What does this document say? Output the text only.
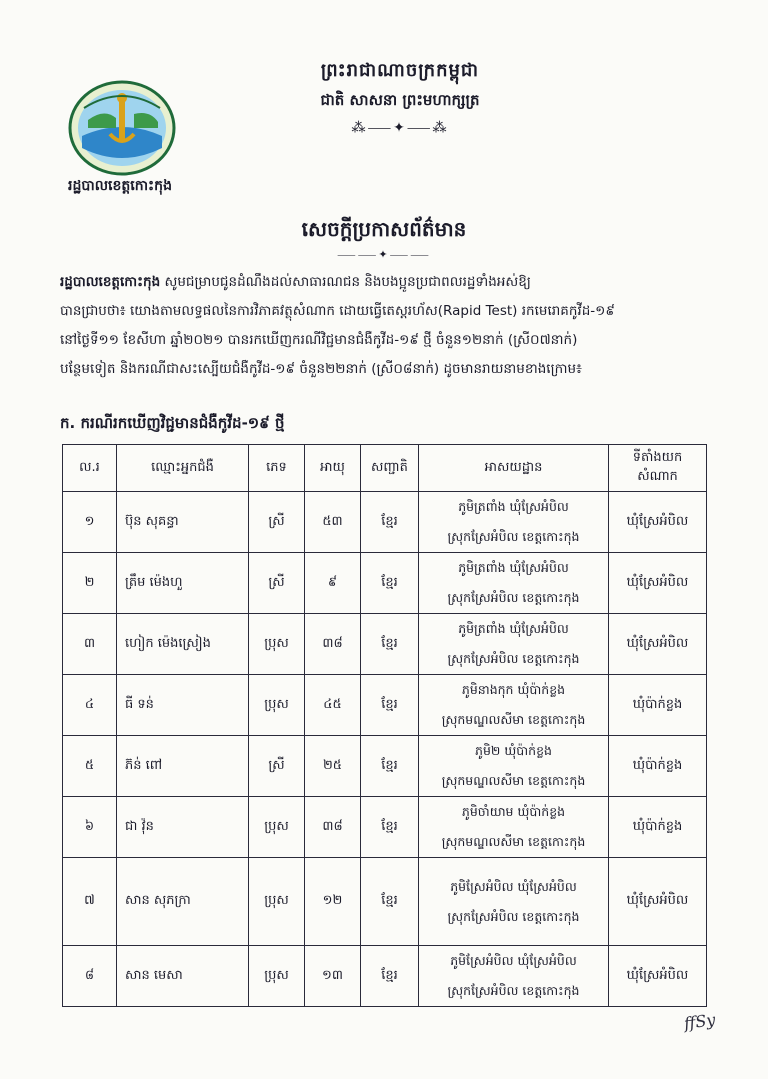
ព្រះរាជាណាចក្រកម្ពុជា
ជាតិ សាសនា ព្រះមហាក្សត្រ
⁂⸺✦⸺⁂
រដ្ឋបាលខេត្តកោះកុង
សេចក្តីប្រកាសព័ត៌មាន
⸺⸺✦⸺⸺
រដ្ឋបាលខេត្តកោះកុង សូមជម្រាបជូនដំណឹងដល់សាធារណជន និងបងប្អូនប្រជាពលរដ្ឋទាំងអស់ឱ្យ
បានជ្រាបថា៖ យោងតាមលទ្ធផលនៃការវិភាគវត្ថុសំណាក ដោយធ្វើតេស្តរហ័ស(Rapid Test) រកមេរោគកូវីដ-១៩
នៅថ្ងៃទី១១ ខែសីហា ឆ្នាំ២០២១ បានរកឃើញករណីវិជ្ជមានជំងឺកូវីដ-១៩ ថ្មី ចំនួន១២នាក់ (ស្រី០៧នាក់)
បន្ថែមទៀត និងករណីជាសះស្បើយជំងឺកូវីដ-១៩ ចំនួន២២នាក់ (ស្រី០៨នាក់) ដូចមានរាយនាមខាងក្រោម៖
ក. ករណីរកឃើញវិជ្ជមានជំងឺកូវីដ-១៩ ថ្មី
ល.រ	ឈ្មោះអ្នកជំងឺ	ភេទ	អាយុ	សញ្ជាតិ	អាសយដ្ឋាន	ទីតាំងយក
សំណាក

១	ប៊ុន សុគន្ធា	ស្រី	៥៣	ខ្មែរ	ភូមិត្រពាំង ឃុំស្រែអំបិល
ស្រុកស្រែអំបិល ខេត្តកោះកុង	ឃុំស្រែអំបិល
២	ត្រឹម ម៉េងហួ	ស្រី	៩	ខ្មែរ	ភូមិត្រពាំង ឃុំស្រែអំបិល
ស្រុកស្រែអំបិល ខេត្តកោះកុង	ឃុំស្រែអំបិល
៣	ហៀក ម៉េងស្រៀង	ប្រុស	៣៨	ខ្មែរ	ភូមិត្រពាំង ឃុំស្រែអំបិល
ស្រុកស្រែអំបិល ខេត្តកោះកុង	ឃុំស្រែអំបិល
៤	ធី ទន់	ប្រុស	៤៥	ខ្មែរ	ភូមិនាងកុក ឃុំប៉ាក់ខ្លង
ស្រុកមណ្ឌលសីមា ខេត្តកោះកុង	ឃុំប៉ាក់ខ្លង
៥	ភ៊ន់ ពៅ	ស្រី	២៥	ខ្មែរ	ភូមិ២ ឃុំប៉ាក់ខ្លង
ស្រុកមណ្ឌលសីមា ខេត្តកោះកុង	ឃុំប៉ាក់ខ្លង
៦	ជា វ៉ុន	ប្រុស	៣៨	ខ្មែរ	ភូមិចាំយាម ឃុំប៉ាក់ខ្លង
ស្រុកមណ្ឌលសីមា ខេត្តកោះកុង	ឃុំប៉ាក់ខ្លង
៧	សាន សុភក្រា	ប្រុស	១២	ខ្មែរ	ភូមិស្រែអំបិល ឃុំស្រែអំបិល
ស្រុកស្រែអំបិល ខេត្តកោះកុង	ឃុំស្រែអំបិល
៨	សាន មេសា	ប្រុស	១៣	ខ្មែរ	ភូមិស្រែអំបិល ឃុំស្រែអំបិល
ស្រុកស្រែអំបិល ខេត្តកោះកុង	ឃុំស្រែអំបិល
ffSy
